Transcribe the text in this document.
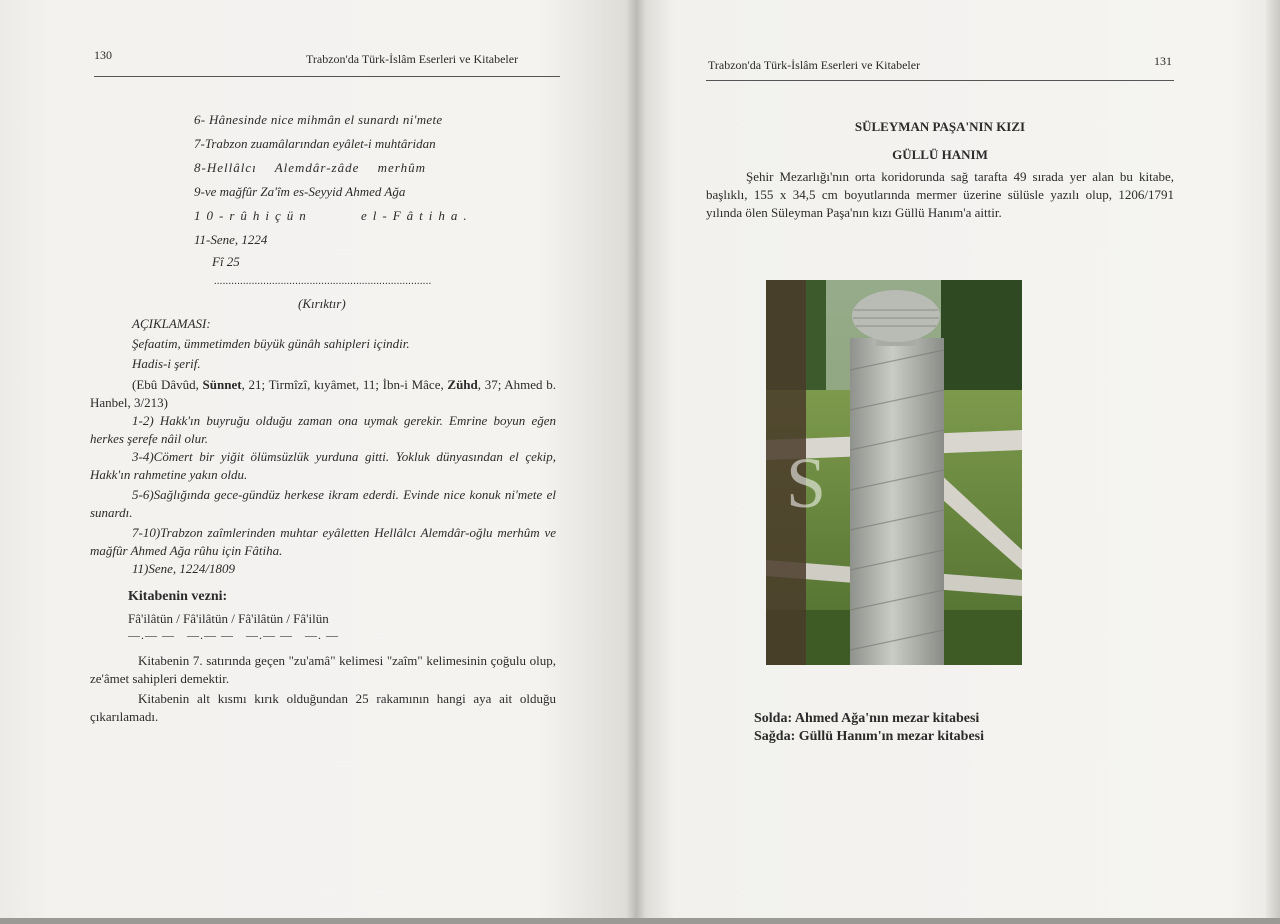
130	Trabzon'da Türk-İslâm Eserleri ve Kitabeler
6- Hânesinde nice mihmân el sunardı ni'mete
7-Trabzon zuamâlarından eyâlet-i muhtâridan
8-Hellâlcı Alemdâr-zâde merhûm
9-ve mağfûr Za'îm es-Seyyid Ahmed Ağa
10-rûhiçün el-Fâtiha.
11-Sene, 1224
Fî 25
...........................................................................
(Kırıktır)
AÇIKLAMASI:
Şefaatim, ümmetimden büyük günâh sahipleri içindir.
Hadis-i şerif.
(Ebû Dâvûd, Sünnet, 21; Tirmîzî, kıyâmet, 11; İbn-i Mâce, Zühd, 37; Ahmed b. Hanbel, 3/213)
1-2) Hakk'ın buyruğu olduğu zaman ona uymak gerekir. Emrine boyun eğen herkes şerefe nâil olur.
3-4)Cömert bir yiğit ölümsüzlük yurduna gitti. Yokluk dünyasından el çekip, Hakk'ın rahmetine yakın oldu.
5-6)Sağlığında gece-gündüz herkese ikram ederdi. Evinde nice konuk ni'mete el sunardı.
7-10)Trabzon zaîmlerinden muhtar eyâletten Hellâlcı Alemdâr-oğlu merhûm ve mağfûr Ahmed Ağa rûhu için Fâtiha.
11)Sene, 1224/1809
Kitabenin vezni:
Fâ'ilâtün / Fâ'ilâtün / Fâ'ilâtün / Fâ'ilün
—.— —   —.— —   —.— —   —. —
Kitabenin 7. satırında geçen "zu'amâ" kelimesi "zaîm" kelimesinin çoğulu olup, ze'âmet sahipleri demektir.
Kitabenin alt kısmı kırık olduğundan 25 rakamının hangi aya ait olduğu çıkarılamadı.
Trabzon'da Türk-İslâm Eserleri ve Kitabeler	131
SÜLEYMAN PAŞA'NIN KIZI
GÜLLÜ HANIM
Şehir Mezarlığı'nın orta koridorunda sağ tarafta 49 sırada yer alan bu kitabe, başlıklı, 155 x 34,5 cm boyutlarında mermer üzerine sülüsle yazılı olup, 1206/1791 yılında ölen Süleyman Paşa'nın kızı Güllü Hanım'a aittir.
S
Solda: Ahmed Ağa'nın mezar kitabesi
Sağda: Güllü Hanım'ın mezar kitabesi
